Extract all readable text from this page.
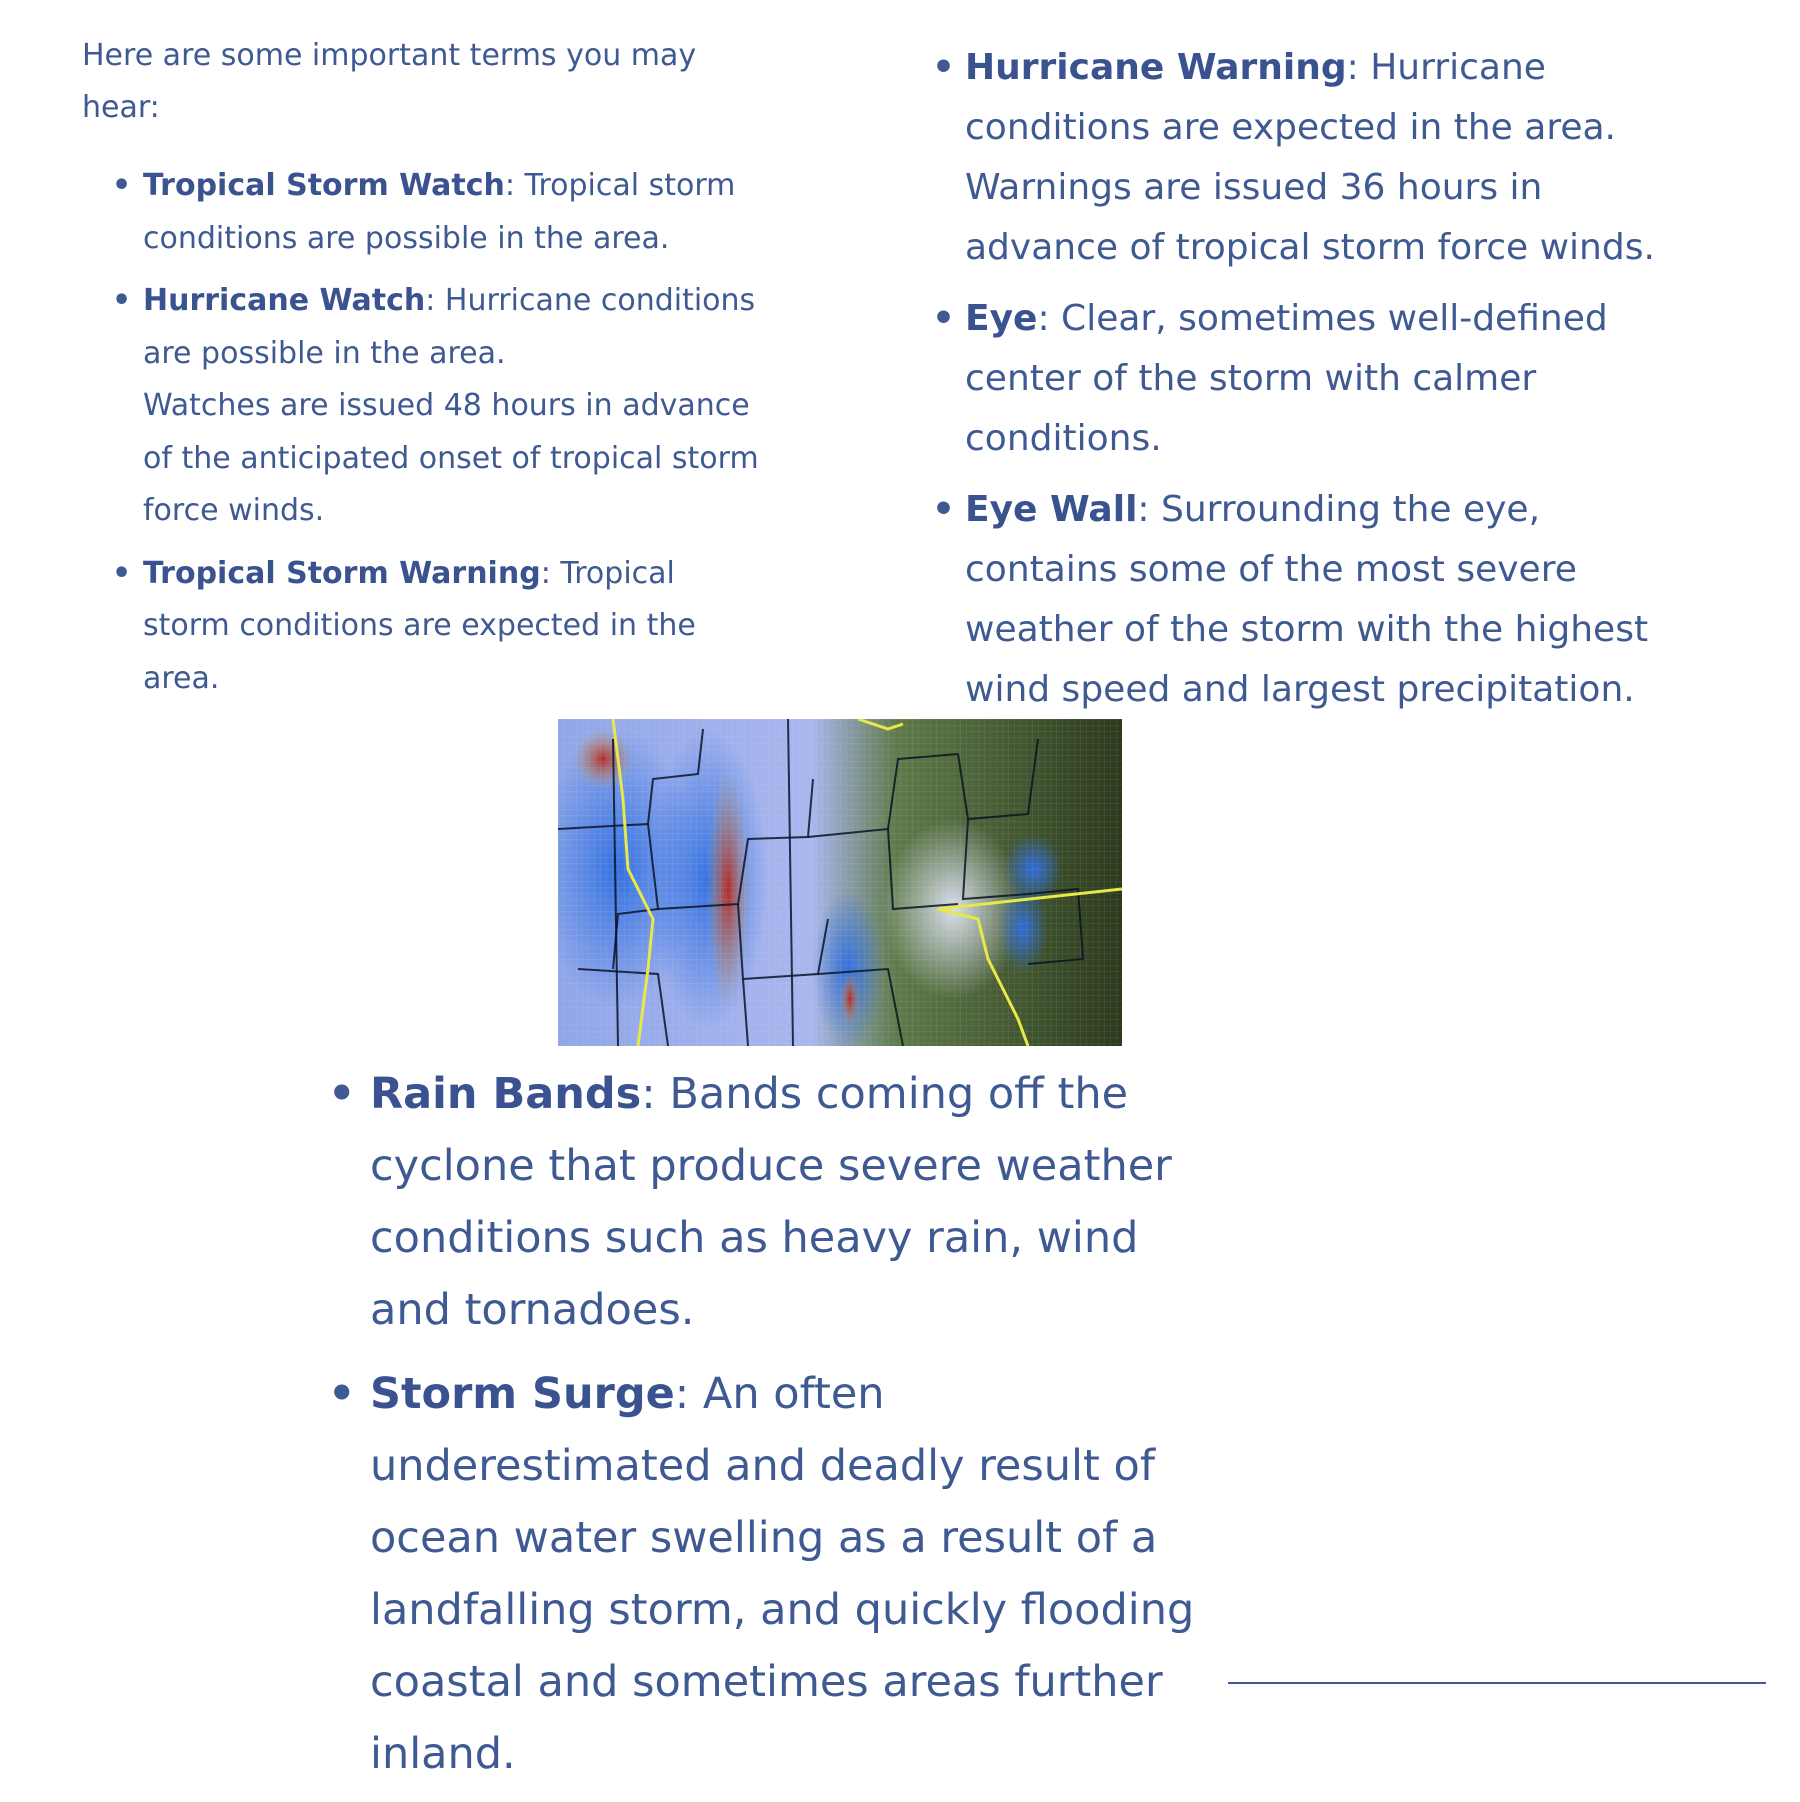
Here are some important terms you may hear:

• Tropical Storm Watch: Tropical storm conditions are possible in the area.
• Hurricane Watch: Hurricane conditions are possible in the area.
Watches are issued 48 hours in advance of the anticipated onset of tropical storm force winds.
• Tropical Storm Warning: Tropical storm conditions are expected in the area.
• Hurricane Warning: Hurricane conditions are expected in the area. Warnings are issued 36 hours in advance of tropical storm force winds.
• Eye: Clear, sometimes well-defined center of the storm with calmer conditions.
• Eye Wall: Surrounding the eye, contains some of the most severe weather of the storm with the highest wind speed and largest precipitation.
• Rain Bands: Bands coming off the cyclone that produce severe weather conditions such as heavy rain, wind and tornadoes.
• Storm Surge: An often underestimated and deadly result of ocean water swelling as a result of a landfalling storm, and quickly flooding coastal and sometimes areas further inland.
